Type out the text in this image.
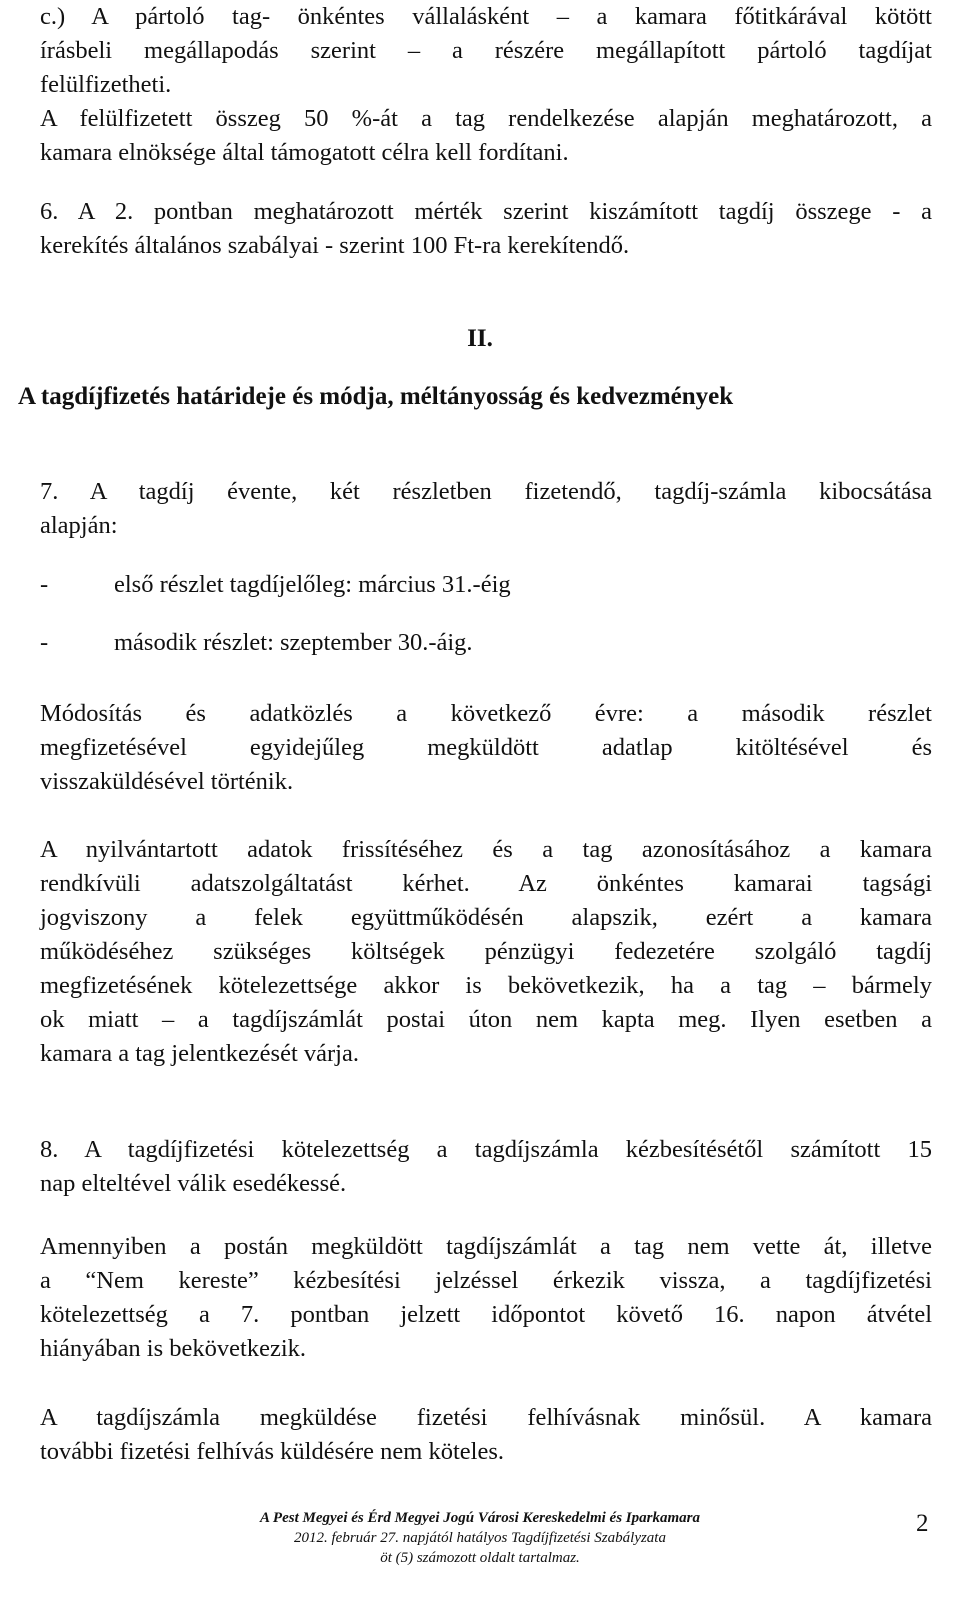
c.) A pártoló tag- önkéntes vállalásként – a kamara főtitkárával kötött
írásbeli megállapodás szerint – a részére megállapított pártoló tagdíjat
felülfizetheti.
A felülfizetett összeg 50 %-át a tag rendelkezése alapján meghatározott, a
kamara elnöksége által támogatott célra kell fordítani.
6. A 2. pontban meghatározott mérték szerint kiszámított tagdíj összege - a
kerekítés általános szabályai - szerint 100 Ft-ra kerekítendő.
II.
A tagdíjfizetés határideje és módja, méltányosság és kedvezmények
7. A tagdíj évente, két részletben fizetendő, tagdíj-számla kibocsátása
alapján:
-	első részlet tagdíjelőleg: március 31.-éig
-	második részlet: szeptember 30.-áig.
Módosítás és adatközlés a következő évre: a második részlet
megfizetésével egyidejűleg megküldött adatlap kitöltésével és
visszaküldésével történik.
A nyilvántartott adatok frissítéséhez és a tag azonosításához a kamara
rendkívüli adatszolgáltatást kérhet. Az önkéntes kamarai tagsági
jogviszony a felek együttműködésén alapszik, ezért a kamara
működéséhez szükséges költségek pénzügyi fedezetére szolgáló tagdíj
megfizetésének kötelezettsége akkor is bekövetkezik, ha a tag – bármely
ok miatt – a tagdíjszámlát postai úton nem kapta meg. Ilyen esetben a
kamara a tag jelentkezését várja.
8. A tagdíjfizetési kötelezettség a tagdíjszámla kézbesítésétől számított 15
nap elteltével válik esedékessé.
Amennyiben a postán megküldött tagdíjszámlát a tag nem vette át, illetve
a “Nem kereste” kézbesítési jelzéssel érkezik vissza, a tagdíjfizetési
kötelezettség a 7. pontban jelzett időpontot követő 16. napon átvétel
hiányában is bekövetkezik.
A tagdíjszámla megküldése fizetési felhívásnak minősül. A kamara
további fizetési felhívás küldésére nem köteles.
A Pest Megyei és Érd Megyei Jogú Városi Kereskedelmi és Iparkamara
2012. február 27. napjától hatályos Tagdíjfizetési Szabályzata
öt (5) számozott oldalt tartalmaz.
2
